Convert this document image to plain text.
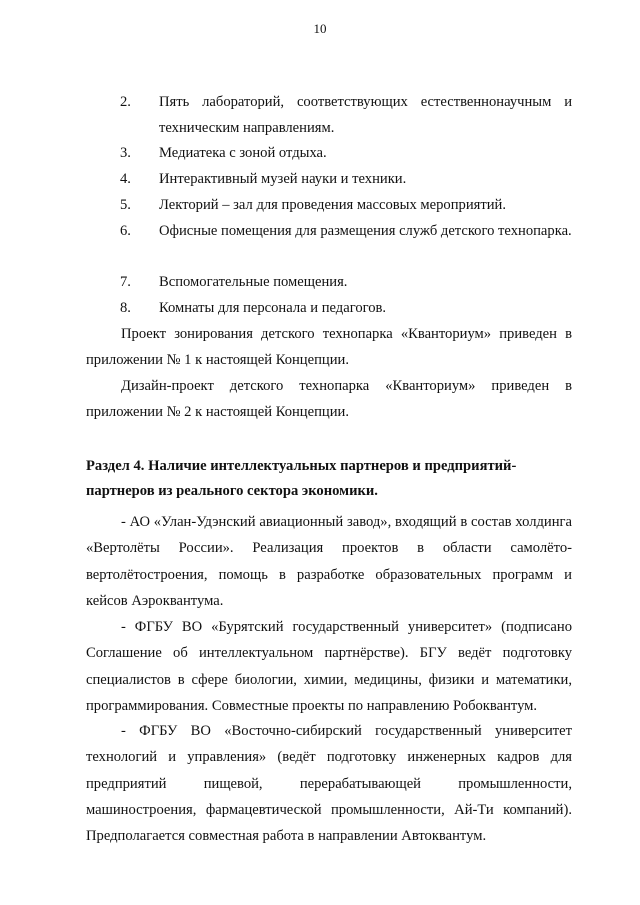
10
2. Пять лабораторий, соответствующих естественнонаучным и техническим направлениям.
3. Медиатека с зоной отдыха.
4. Интерактивный музей науки и техники.
5. Лекторий – зал для проведения массовых мероприятий.
6. Офисные помещения для размещения служб детского технопарка.
7. Вспомогательные помещения.
8. Комнаты для персонала и педагогов.

Проект зонирования детского технопарка «Кванториум» приведен в приложении № 1 к настоящей Концепции.

Дизайн-проект детского технопарка «Кванториум» приведен в приложении № 2 к настоящей Концепции.

Раздел 4. Наличие интеллектуальных партнеров и предприятий-партнеров из реального сектора экономики.

- АО «Улан-Удэнский авиационный завод», входящий в состав холдинга «Вертолёты России». Реализация проектов в области самолёто-вертолётостроения, помощь в разработке образовательных программ и кейсов Аэроквантума.

- ФГБУ ВО «Бурятский государственный университет» (подписано Соглашение об интеллектуальном партнёрстве). БГУ ведёт подготовку специалистов в сфере биологии, химии, медицины, физики и математики, программирования. Совместные проекты по направлению Робоквантум.

- ФГБУ ВО «Восточно-сибирский государственный университет технологий и управления» (ведёт подготовку инженерных кадров для предприятий пищевой, перерабатывающей промышленности, машиностроения, фармацевтической промышленности, Ай-Ти компаний). Предполагается совместная работа в направлении Автоквантум.
